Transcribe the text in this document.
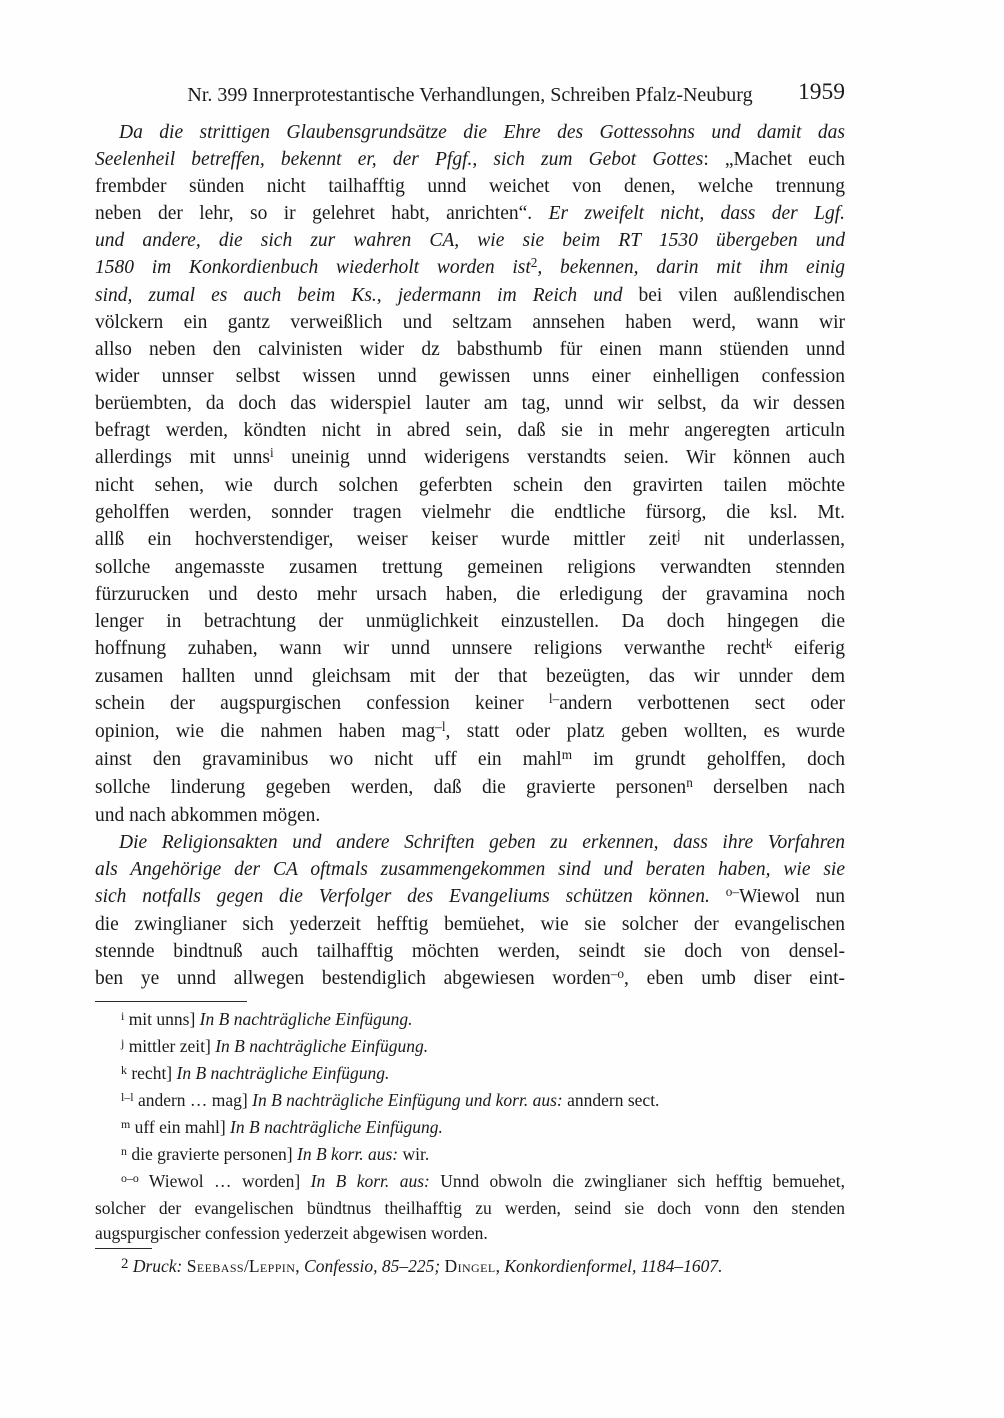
Nr. 399 Innerprotestantische Verhandlungen, Schreiben Pfalz-Neuburg	1959
Da die strittigen Glaubensgrundsätze die Ehre des Gottessohns und damit das
Seelenheil betreffen, bekennt er, der Pfgf., sich zum Gebot Gottes: „Machet euch
frembder sünden nicht tailhafftig unnd weichet von denen, welche trennung
neben der lehr, so ir gelehret habt, anrichten“. Er zweifelt nicht, dass der Lgf.
und andere, die sich zur wahren CA, wie sie beim RT 1530 übergeben und
1580 im Konkordienbuch wiederholt worden ist$^2$, bekennen, darin mit ihm einig
sind, zumal es auch beim Ks., jedermann im Reich und bei vilen außlendischen
völckern ein gantz verweißlich und seltzam annsehen haben werd, wann wir
allso neben den calvinisten wider dz babsthumb für einen mann stüenden unnd
wider unnser selbst wissen unnd gewissen unns einer einhelligen confession
berüembten, da doch das widerspiel lauter am tag, unnd wir selbst, da wir dessen
befragt werden, köndten nicht in abred sein, daß sie in mehr angeregten articuln
allerdings mit unns$^i$ uneinig unnd widerigens verstandts seien. Wir können auch
nicht sehen, wie durch solchen geferbten schein den gravirten tailen möchte
geholffen werden, sonnder tragen vielmehr die endtliche fürsorg, die ksl. Mt.
allß ein hochverstendiger, weiser keiser wurde mittler zeit$^j$ nit underlassen,
sollche angemasste zusamen trettung gemeinen religions verwandten stennden
fürzurucken und desto mehr ursach haben, die erledigung der gravamina noch
lenger in betrachtung der unmüglichkeit einzustellen. Da doch hingegen die
hoffnung zuhaben, wann wir unnd unnsere religions verwanthe recht$^k$ eiferig
zusamen hallten unnd gleichsam mit der that bezeügten, das wir unnder dem
schein der augspurgischen confession keiner $^{l-}$andern verbottenen sect oder
opinion, wie die nahmen haben mag$^{-l}$, statt oder platz geben wollten, es wurde
ainst den gravaminibus wo nicht uff ein mahl$^m$ im grundt geholffen, doch
sollche linderung gegeben werden, daß die gravierte personen$^n$ derselben nach
und nach abkommen mögen.
Die Religionsakten und andere Schriften geben zu erkennen, dass ihre Vorfahren
als Angehörige der CA oftmals zusammengekommen sind und beraten haben, wie sie
sich notfalls gegen die Verfolger des Evangeliums schützen können. $^{o-}$Wiewol nun
die zwinglianer sich yederzeit hefftig bemüehet, wie sie solcher der evangelischen
stennde bindtnuß auch tailhafftig möchten werden, seindt sie doch von densel-
ben ye unnd allwegen bestendiglich abgewiesen worden$^{-o}$, eben umb diser eint-
$^i$ mit unns] In B nachträgliche Einfügung.
$^j$ mittler zeit] In B nachträgliche Einfügung.
$^k$ recht] In B nachträgliche Einfügung.
$^{l-l}$ andern … mag] In B nachträgliche Einfügung und korr. aus: anndern sect.
$^m$ uff ein mahl] In B nachträgliche Einfügung.
$^n$ die gravierte personen] In B korr. aus: wir.
$^{o-o}$ Wiewol … worden] In B korr. aus: Unnd obwoln die zwinglianer sich hefftig bemuehet,
solcher der evangelischen bündtnus theilhafftig zu werden, seind sie doch vonn den stenden
augspurgischer confession yederzeit abgewisen worden.
$^2$ Druck: Seebass/Leppin, Confessio, 85–225; Dingel, Konkordienformel, 1184–1607.
